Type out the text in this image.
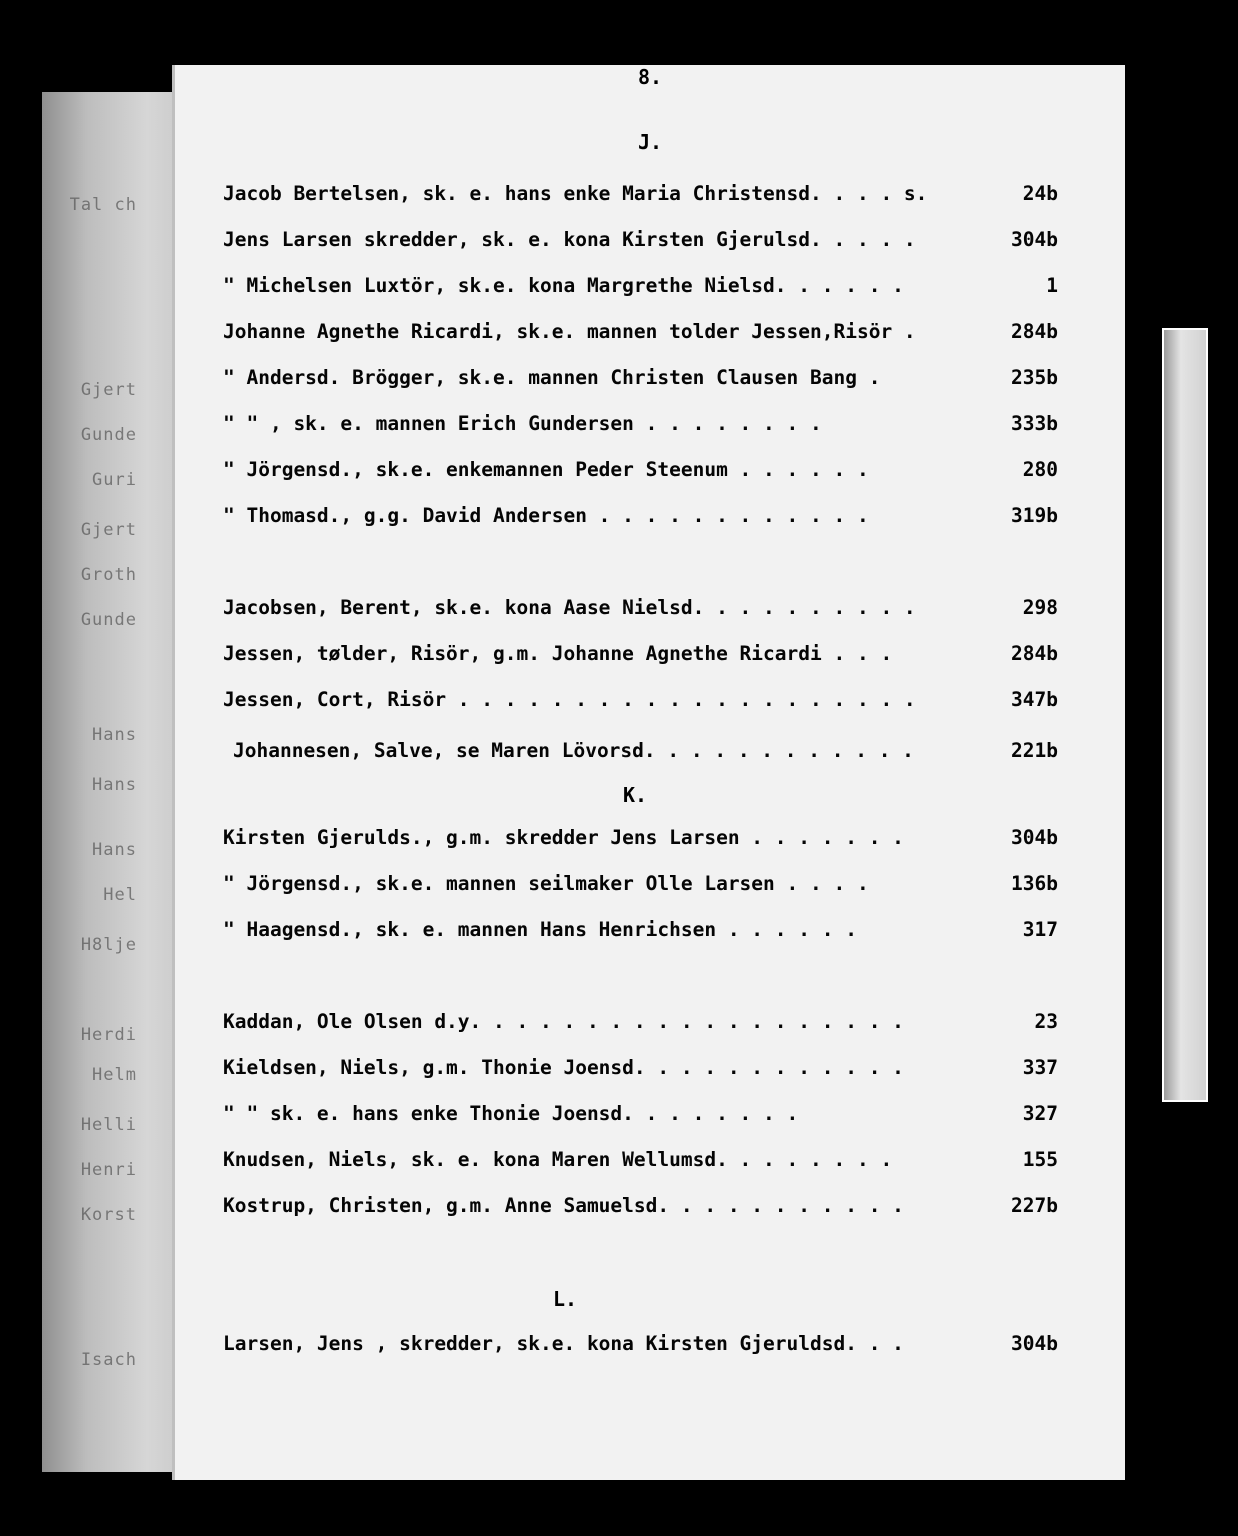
Tal ch
Gjert
Gunde
Guri
Gjert
Groth
Gunde
Hans
Hans
Hans
Hel
H8lje
Herdi
Helm
Helli
Henri
Korst
Isach
8.
J.
Jacob Bertelsen, sk. e. hans enke Maria Christensd. . . . s.	24b
Jens Larsen skredder, sk. e. kona Kirsten Gjerulsd. . . . .	304b
" Michelsen Luxtör, sk.e. kona Margrethe Nielsd. . . . . .	1
Johanne Agnethe Ricardi, sk.e. mannen tolder Jessen,Risör .	284b
" Andersd. Brögger, sk.e. mannen Christen Clausen Bang .	235b
" " , sk. e. mannen Erich Gundersen . . . . . . . .	333b
" Jörgensd., sk.e. enkemannen Peder Steenum . . . . . .	280
" Thomasd., g.g. David Andersen . . . . . . . . . . . .	319b
Jacobsen, Berent, sk.e. kona Aase Nielsd. . . . . . . . . .	298
Jessen, tølder, Risör, g.m. Johanne Agnethe Ricardi . . .	284b
Jessen, Cort, Risör . . . . . . . . . . . . . . . . . . . .	347b
Johannesen, Salve, se Maren Lövorsd. . . . . . . . . . . .	221b
K.
Kirsten Gjerulds., g.m. skredder Jens Larsen . . . . . . .	304b
" Jörgensd., sk.e. mannen seilmaker Olle Larsen . . . .	136b
" Haagensd., sk. e. mannen Hans Henrichsen . . . . . .	317
Kaddan, Ole Olsen d.y. . . . . . . . . . . . . . . . . . .	23
Kieldsen, Niels, g.m. Thonie Joensd. . . . . . . . . . . .	337
" " sk. e. hans enke Thonie Joensd. . . . . . . .	327
Knudsen, Niels, sk. e. kona Maren Wellumsd. . . . . . . .	155
Kostrup, Christen, g.m. Anne Samuelsd. . . . . . . . . . .	227b
L.
Larsen, Jens , skredder, sk.e. kona Kirsten Gjeruldsd. . .	304b
